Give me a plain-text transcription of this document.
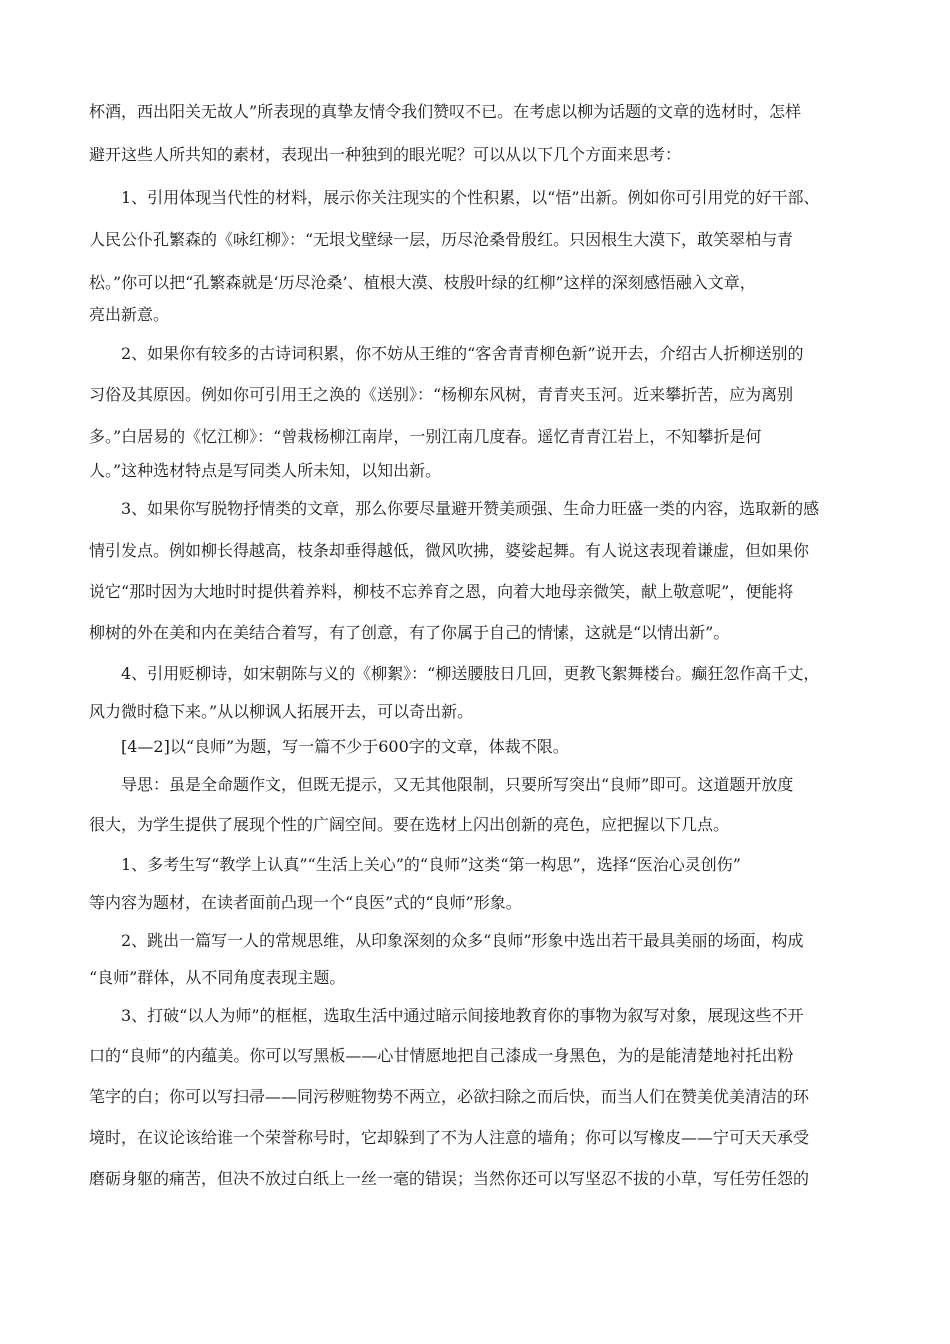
杯酒，西出阳关无故人”所表现的真挚友情令我们赞叹不已。在考虑以柳为话题的文章的选材时，怎样
避开这些人所共知的素材，表现出一种独到的眼光呢？可以从以下几个方面来思考：
1、引用体现当代性的材料，展示你关注现实的个性积累，以“悟”出新。例如你可引用党的好干部、
人民公仆孔繁森的《咏红柳》：“无垠戈壁绿一层，历尽沧桑骨殷红。只因根生大漠下，敢笑翠柏与青
松。”你可以把“孔繁森就是‘历尽沧桑’、植根大漠、枝殷叶绿的红柳”这样的深刻感悟融入文章，
亮出新意。
2、如果你有较多的古诗词积累，你不妨从王维的“客舍青青柳色新”说开去，介绍古人折柳送别的
习俗及其原因。例如你可引用王之涣的《送别》：“杨柳东风树，青青夹玉河。近来攀折苦，应为离别
多。”白居易的《忆江柳》：“曾栽杨柳江南岸，一别江南几度春。遥忆青青江岩上，不知攀折是何
人。”这种选材特点是写同类人所未知，以知出新。
3、如果你写脱物抒情类的文章，那么你要尽量避开赞美顽强、生命力旺盛一类的内容，选取新的感
情引发点。例如柳长得越高，枝条却垂得越低，微风吹拂，婆娑起舞。有人说这表现着谦虚，但如果你
说它“那时因为大地时时提供着养料，柳枝不忘养育之恩，向着大地母亲微笑，献上敬意呢”，便能将
柳树的外在美和内在美结合着写，有了创意，有了你属于自己的情愫，这就是“以情出新”。
4、引用贬柳诗，如宋朝陈与义的《柳絮》：“柳送腰肢日几回，更教飞絮舞楼台。癫狂忽作高千丈，
风力微时稳下来。”从以柳讽人拓展开去，可以奇出新。
[4—2]以“良师”为题，写一篇不少于600字的文章，体裁不限。
导思：虽是全命题作文，但既无提示，又无其他限制，只要所写突出“良师”即可。这道题开放度
很大，为学生提供了展现个性的广阔空间。要在选材上闪出创新的亮色，应把握以下几点。
1、多考生写“教学上认真”“生活上关心”的“良师”这类“第一构思”，选择“医治心灵创伤”
等内容为题材，在读者面前凸现一个“良医”式的“良师”形象。
2、跳出一篇写一人的常规思维，从印象深刻的众多“良师”形象中选出若干最具美丽的场面，构成
“良师”群体，从不同角度表现主题。
3、打破“以人为师”的框框，选取生活中通过暗示间接地教育你的事物为叙写对象，展现这些不开
口的“良师”的内蕴美。你可以写黑板——心甘情愿地把自己漆成一身黑色，为的是能清楚地衬托出粉
笔字的白；你可以写扫帚——同污秽赃物势不两立，必欲扫除之而后快，而当人们在赞美优美清洁的环
境时，在议论该给谁一个荣誉称号时，它却躲到了不为人注意的墙角；你可以写橡皮——宁可天天承受
磨砺身躯的痛苦，但决不放过白纸上一丝一毫的错误；当然你还可以写坚忍不拔的小草，写任劳任怨的
